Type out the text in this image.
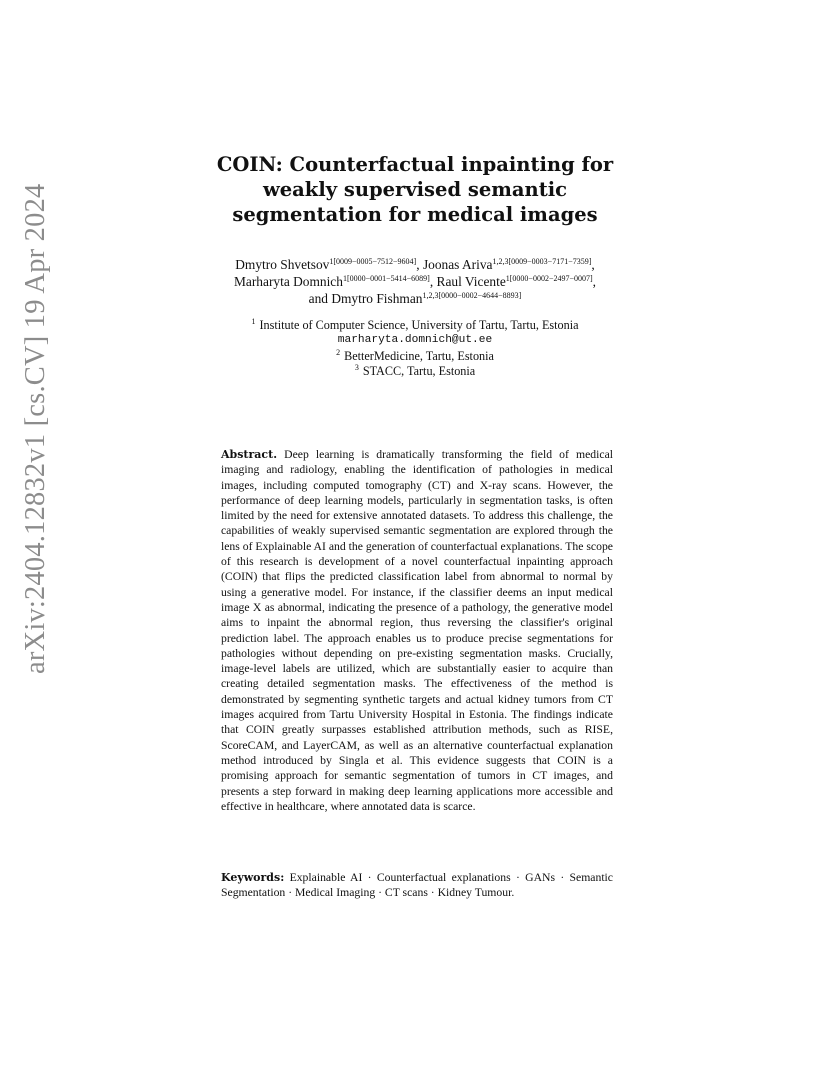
arXiv:2404.12832v1 [cs.CV] 19 Apr 2024
COIN: Counterfactual inpainting for weakly supervised semantic segmentation for medical images
Dmytro Shvetsov$^{1[0009-0005-7512-9604]}$, Joonas Ariva$^{1,2,3[0009-0003-7171-7359]}$,
Marharyta Domnich$^{1[0000-0001-5414-6089]}$, Raul Vicente$^{1[0000-0002-2497-0007]}$,
and Dmytro Fishman$^{1,2,3[0000-0002-4644-8893]}$
$^1$ Institute of Computer Science, University of Tartu, Tartu, Estonia
marharyta.domnich@ut.ee
$^2$ BetterMedicine, Tartu, Estonia
$^3$ STACC, Tartu, Estonia
Abstract. Deep learning is dramatically transforming the field of medical imaging and radiology, enabling the identification of pathologies in medical images, including computed tomography (CT) and X-ray scans. However, the performance of deep learning models, particularly in segmentation tasks, is often limited by the need for extensive annotated datasets. To address this challenge, the capabilities of weakly supervised semantic segmentation are explored through the lens of Explainable AI and the generation of counterfactual explanations. The scope of this research is development of a novel counterfactual inpainting approach (COIN) that flips the predicted classification label from abnormal to normal by using a generative model. For instance, if the classifier deems an input medical image X as abnormal, indicating the presence of a pathology, the generative model aims to inpaint the abnormal region, thus reversing the classifier's original prediction label. The approach enables us to produce precise segmentations for pathologies without depending on pre-existing segmentation masks. Crucially, image-level labels are utilized, which are substantially easier to acquire than creating detailed segmentation masks. The effectiveness of the method is demonstrated by segmenting synthetic targets and actual kidney tumors from CT images acquired from Tartu University Hospital in Estonia. The findings indicate that COIN greatly surpasses established attribution methods, such as RISE, ScoreCAM, and LayerCAM, as well as an alternative counterfactual explanation method introduced by Singla et al. This evidence suggests that COIN is a promising approach for semantic segmentation of tumors in CT images, and presents a step forward in making deep learning applications more accessible and effective in healthcare, where annotated data is scarce.
Keywords: Explainable AI · Counterfactual explanations · GANs · Semantic Segmentation · Medical Imaging · CT scans · Kidney Tumour.
